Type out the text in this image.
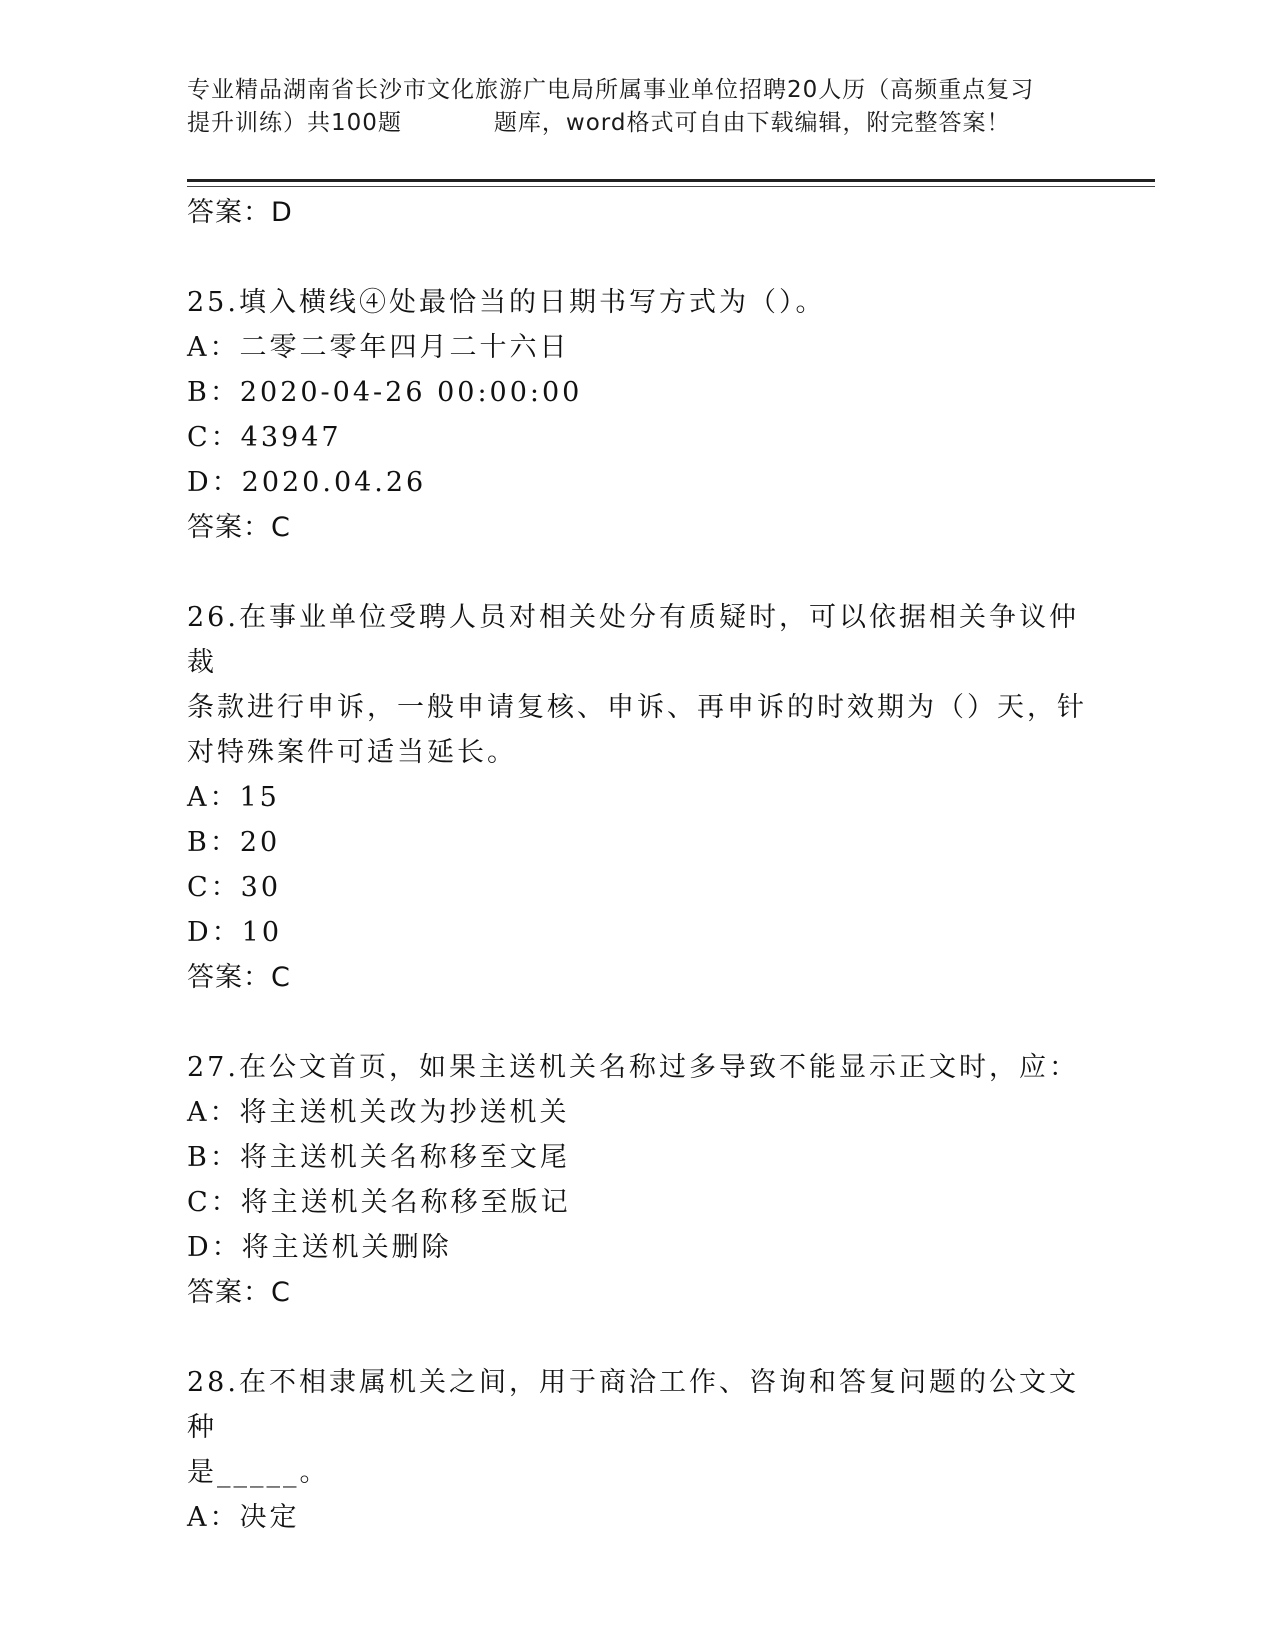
专业精品湖南省长沙市文化旅游广电局所属事业单位招聘20人历（高频重点复习
提升训练）共100题	题库，word格式可自由下载编辑，附完整答案！
答案：D
25.填入横线④处最恰当的日期书写方式为（）。
A：二零二零年四月二十六日
B：2020-04-26 00:00:00
C：43947
D：2020.04.26
答案：C
26.在事业单位受聘人员对相关处分有质疑时，可以依据相关争议仲裁
条款进行申诉，一般申请复核、申诉、再申诉的时效期为（）天，针
对特殊案件可适当延长。
A：15
B：20
C：30
D：10
答案：C
27.在公文首页，如果主送机关名称过多导致不能显示正文时，应：
A：将主送机关改为抄送机关
B：将主送机关名称移至文尾
C：将主送机关名称移至版记
D：将主送机关删除
答案：C
28.在不相隶属机关之间，用于商洽工作、咨询和答复问题的公文文种
是_____。
A：决定
